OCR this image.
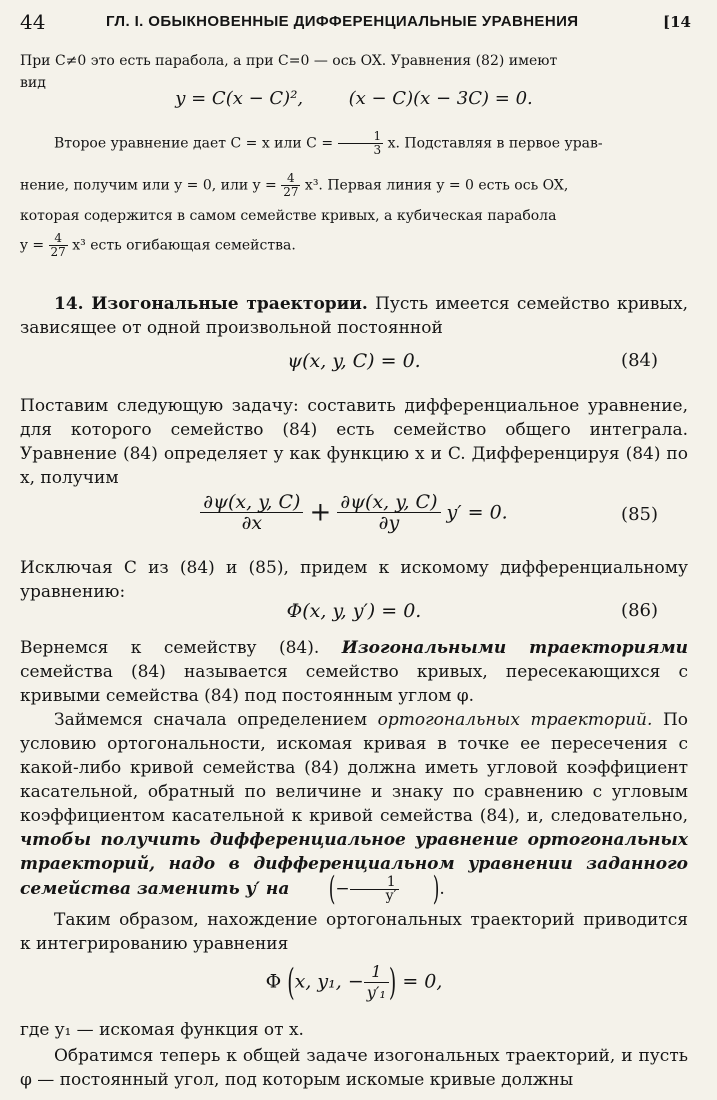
44	ГЛ. I. ОБЫКНОВЕННЫЕ ДИФФЕРЕНЦИАЛЬНЫЕ УРАВНЕНИЯ	[14
При C≠0 это есть парабола, а при C=0 — ось OX. Уравнения (82) имеют
вид
y = C(x − C)²,	(x − C)(x − 3C) = 0.
Второе уравнение дает C = x или $C = \frac{1}{3} x$. Подставляя в первое урав-
нение, получим или y = 0, или $y = \frac{4}{27} x^3$. Первая линия y = 0 есть ось OX,
которая содержится в самом семействе кривых, а кубическая парабола
$y = \frac{4}{27} x^3$ есть огибающая семейства.
14. Изогональные траектории. Пусть имеется семейство кривых, зависящее от одной произвольной постоянной
ψ(x, y, C) = 0.	(84)
Поставим следующую задачу: составить дифференциальное уравнение, для которого семейство (84) есть семейство общего интеграла. Уравнение (84) определяет y как функцию x и C. Дифференцируя (84) по x, получим
$\frac{\partial\psi(x, y, C)}{\partial x} + \frac{\partial\psi(x, y, C)}{\partial y} y' = 0$.	(85)
Исключая C из (84) и (85), придем к искомому дифференциальному уравнению:
Φ(x, y, y′) = 0.	(86)
Вернемся к семейству (84). Изогональными траекториями семейства (84) называется семейство кривых, пересекающихся с кривыми семейства (84) под постоянным углом φ.
Займемся сначала определением ортогональных траекторий. По условию ортогональности, искомая кривая в точке ее пересечения с какой-либо кривой семейства (84) должна иметь угловой коэффициент касательной, обратный по величине и знаку по сравнению с угловым коэффициентом касательной к кривой семейства (84), и, следовательно, чтобы получить дифференциальное уравнение ортогональных траекторий, надо в дифференциальном уравнении заданного семейства заменить y′ на (− $\frac{1}{y'}$ ).
Таким образом, нахождение ортогональных траекторий приводится к интегрированию уравнения
Φ (x, y₁, − $\frac{1}{\text{y′₁}}$ ) = 0,
где y₁ — искомая функция от x.
Обратимся теперь к общей задаче изогональных траекторий, и пусть φ — постоянный угол, под которым искомые кривые должны
